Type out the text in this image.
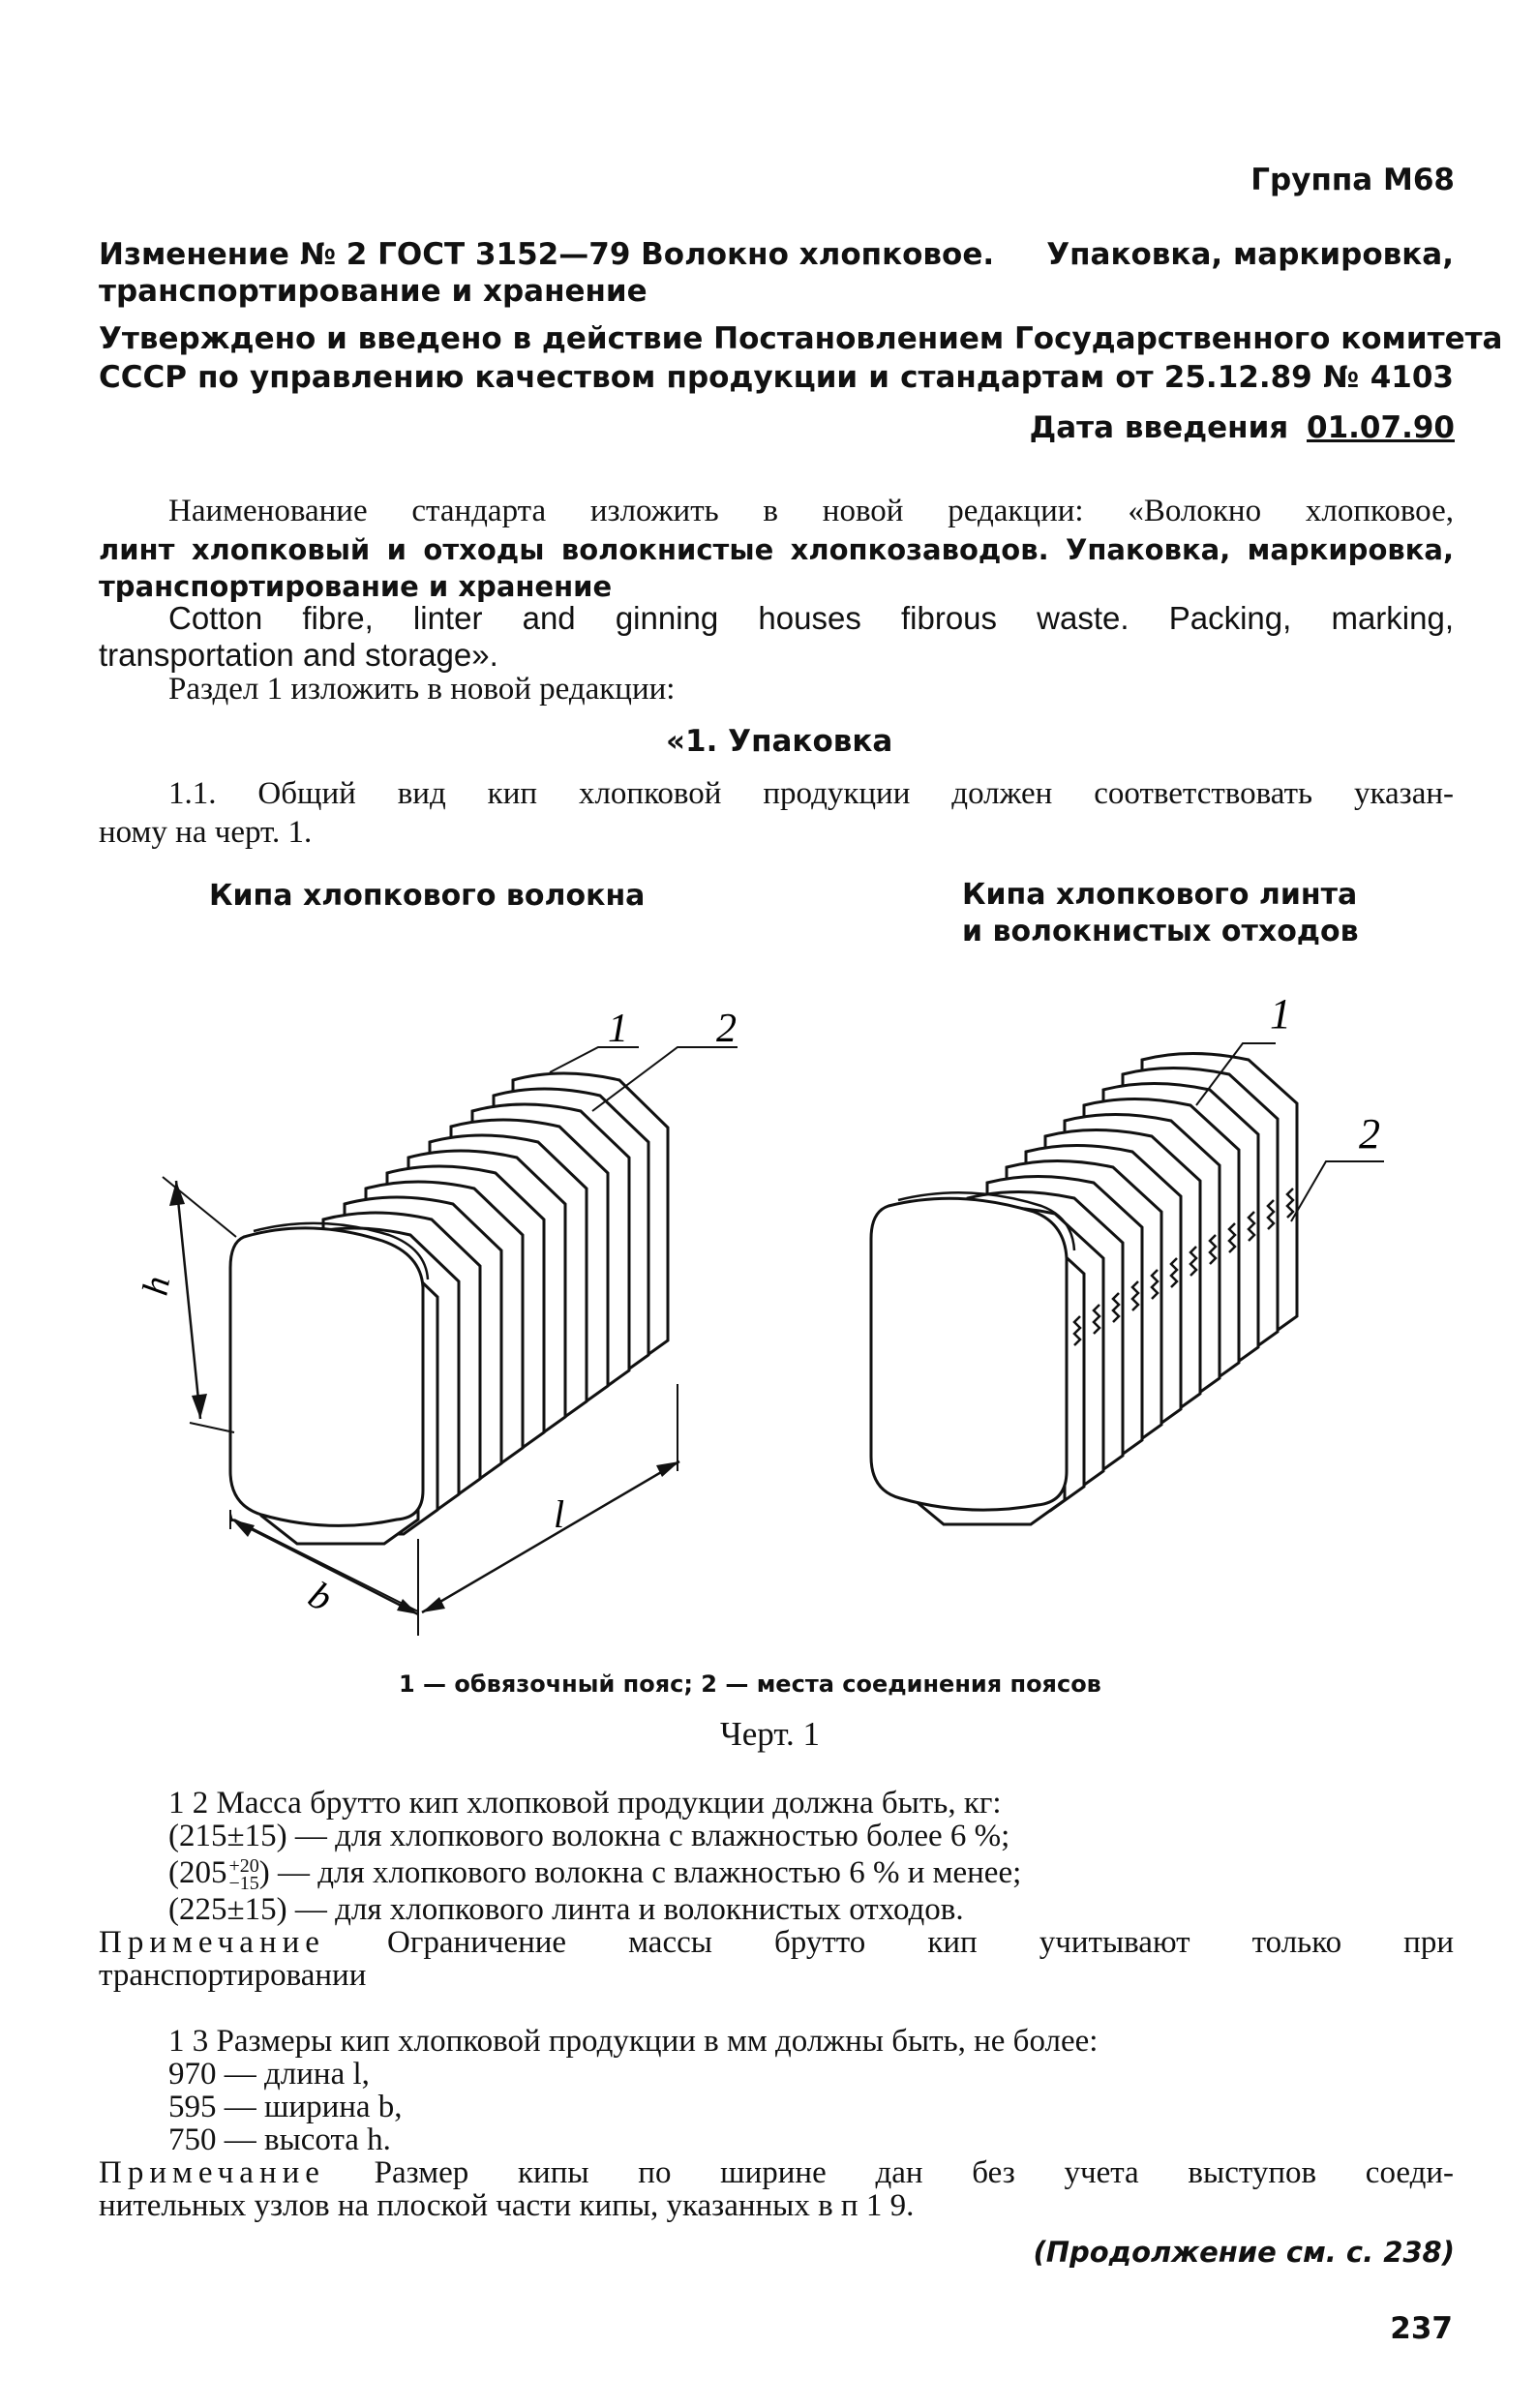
Группа М68
Изменение № 2 ГОСТ 3152—79 Волокно хлопковое. Упаковка, маркировка,
транспортирование и хранение
Утверждено и введено в действие Постановлением Государственного комитета
СССР по управлению качеством продукции и стандартам от 25.12.89 № 4103
Дата введения 01.07.90
Наименование стандарта изложить в новой редакции: «Волокно хлопковое,
линт хлопковый и отходы волокнистые хлопкозаводов. Упаковка, маркировка,
транспортирование и хранение
Cotton fibre, linter and ginning houses fibrous waste. Packing, marking,
transportation and storage».
Раздел 1 изложить в новой редакции:
«1. Упаковка
1.1. Общий вид кип хлопковой продукции должен соответствовать указан-
ному на черт. 1.
Кипа хлопкового волокна	Кипа хлопкового линта
и волокнистых отходов
h
b
l
1 2	1
2
1 — обвязочный пояс; 2 — места соединения поясов
Черт. 1
1 2 Масса брутто кип хлопковой продукции должна быть, кг:
(215±15) — для хлопкового волокна с влажностью более 6 %;
(205 +20
−15 ) — для хлопкового волокна с влажностью 6 % и менее;
(225±15) — для хлопкового линта и волокнистых отходов.
Примечание Ограничение массы брутто кип учитывают только при
транспортировании
1 3 Размеры кип хлопковой продукции в мм должны быть, не более:
970 — длина l,
595 — ширина b,
750 — высота h.
Примечание Размер кипы по ширине дан без учета выступов соеди-
нительных узлов на плоской части кипы, указанных в п 1 9.
(Продолжение см. с. 238)
237
